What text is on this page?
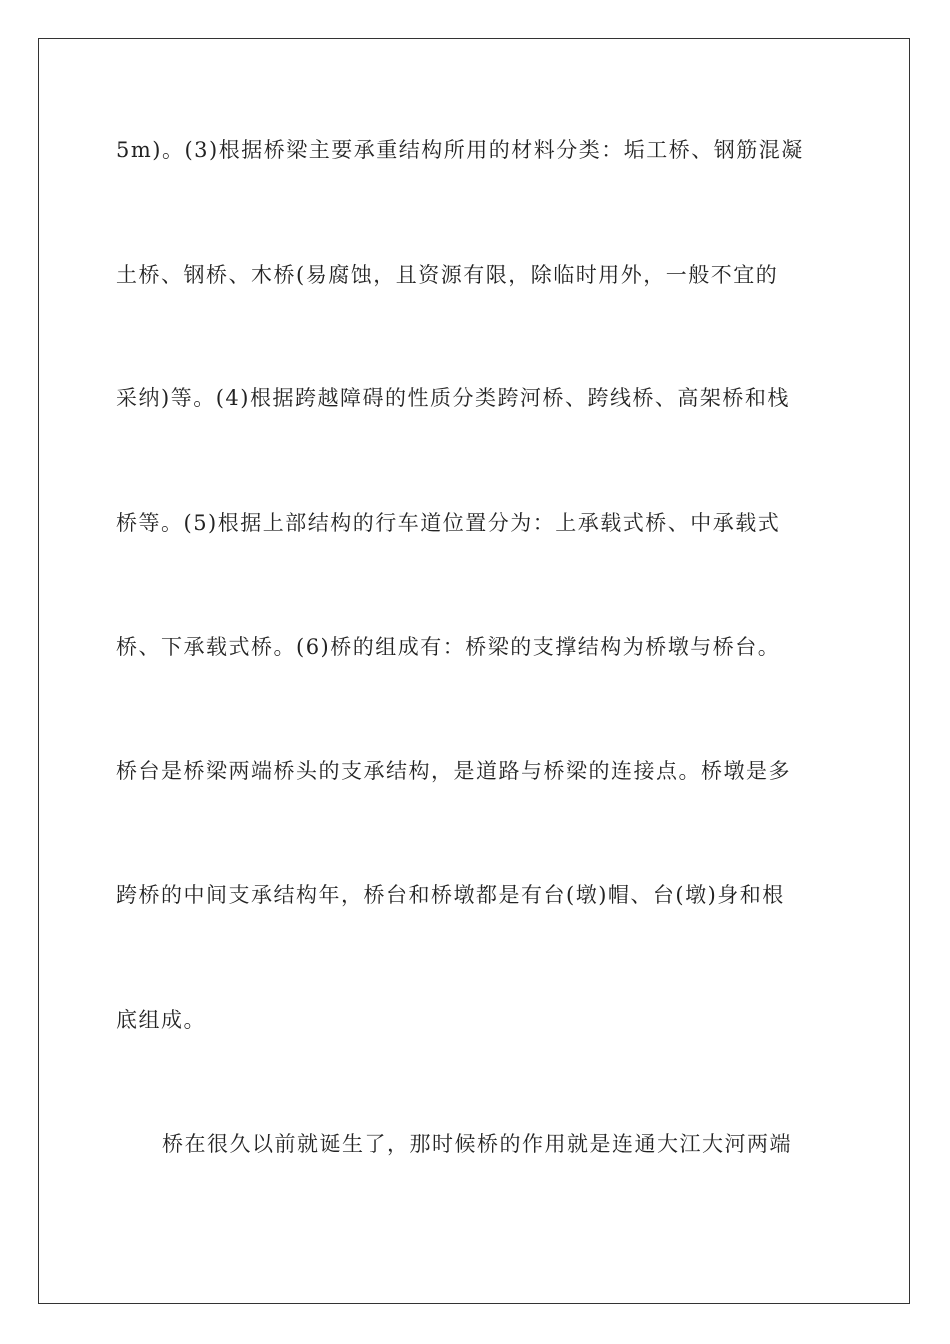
5m)。(3)根据桥梁主要承重结构所用的材料分类：垢工桥、钢筋混凝
土桥、钢桥、木桥(易腐蚀，且资源有限，除临时用外，一般不宜的
采纳)等。(4)根据跨越障碍的性质分类跨河桥、跨线桥、高架桥和栈
桥等。(5)根据上部结构的行车道位置分为：上承载式桥、中承载式
桥、下承载式桥。(6)桥的组成有：桥梁的支撑结构为桥墩与桥台。
桥台是桥梁两端桥头的支承结构，是道路与桥梁的连接点。桥墩是多
跨桥的中间支承结构年，桥台和桥墩都是有台(墩)帽、台(墩)身和根
底组成。
桥在很久以前就诞生了，那时候桥的作用就是连通大江大河两端
